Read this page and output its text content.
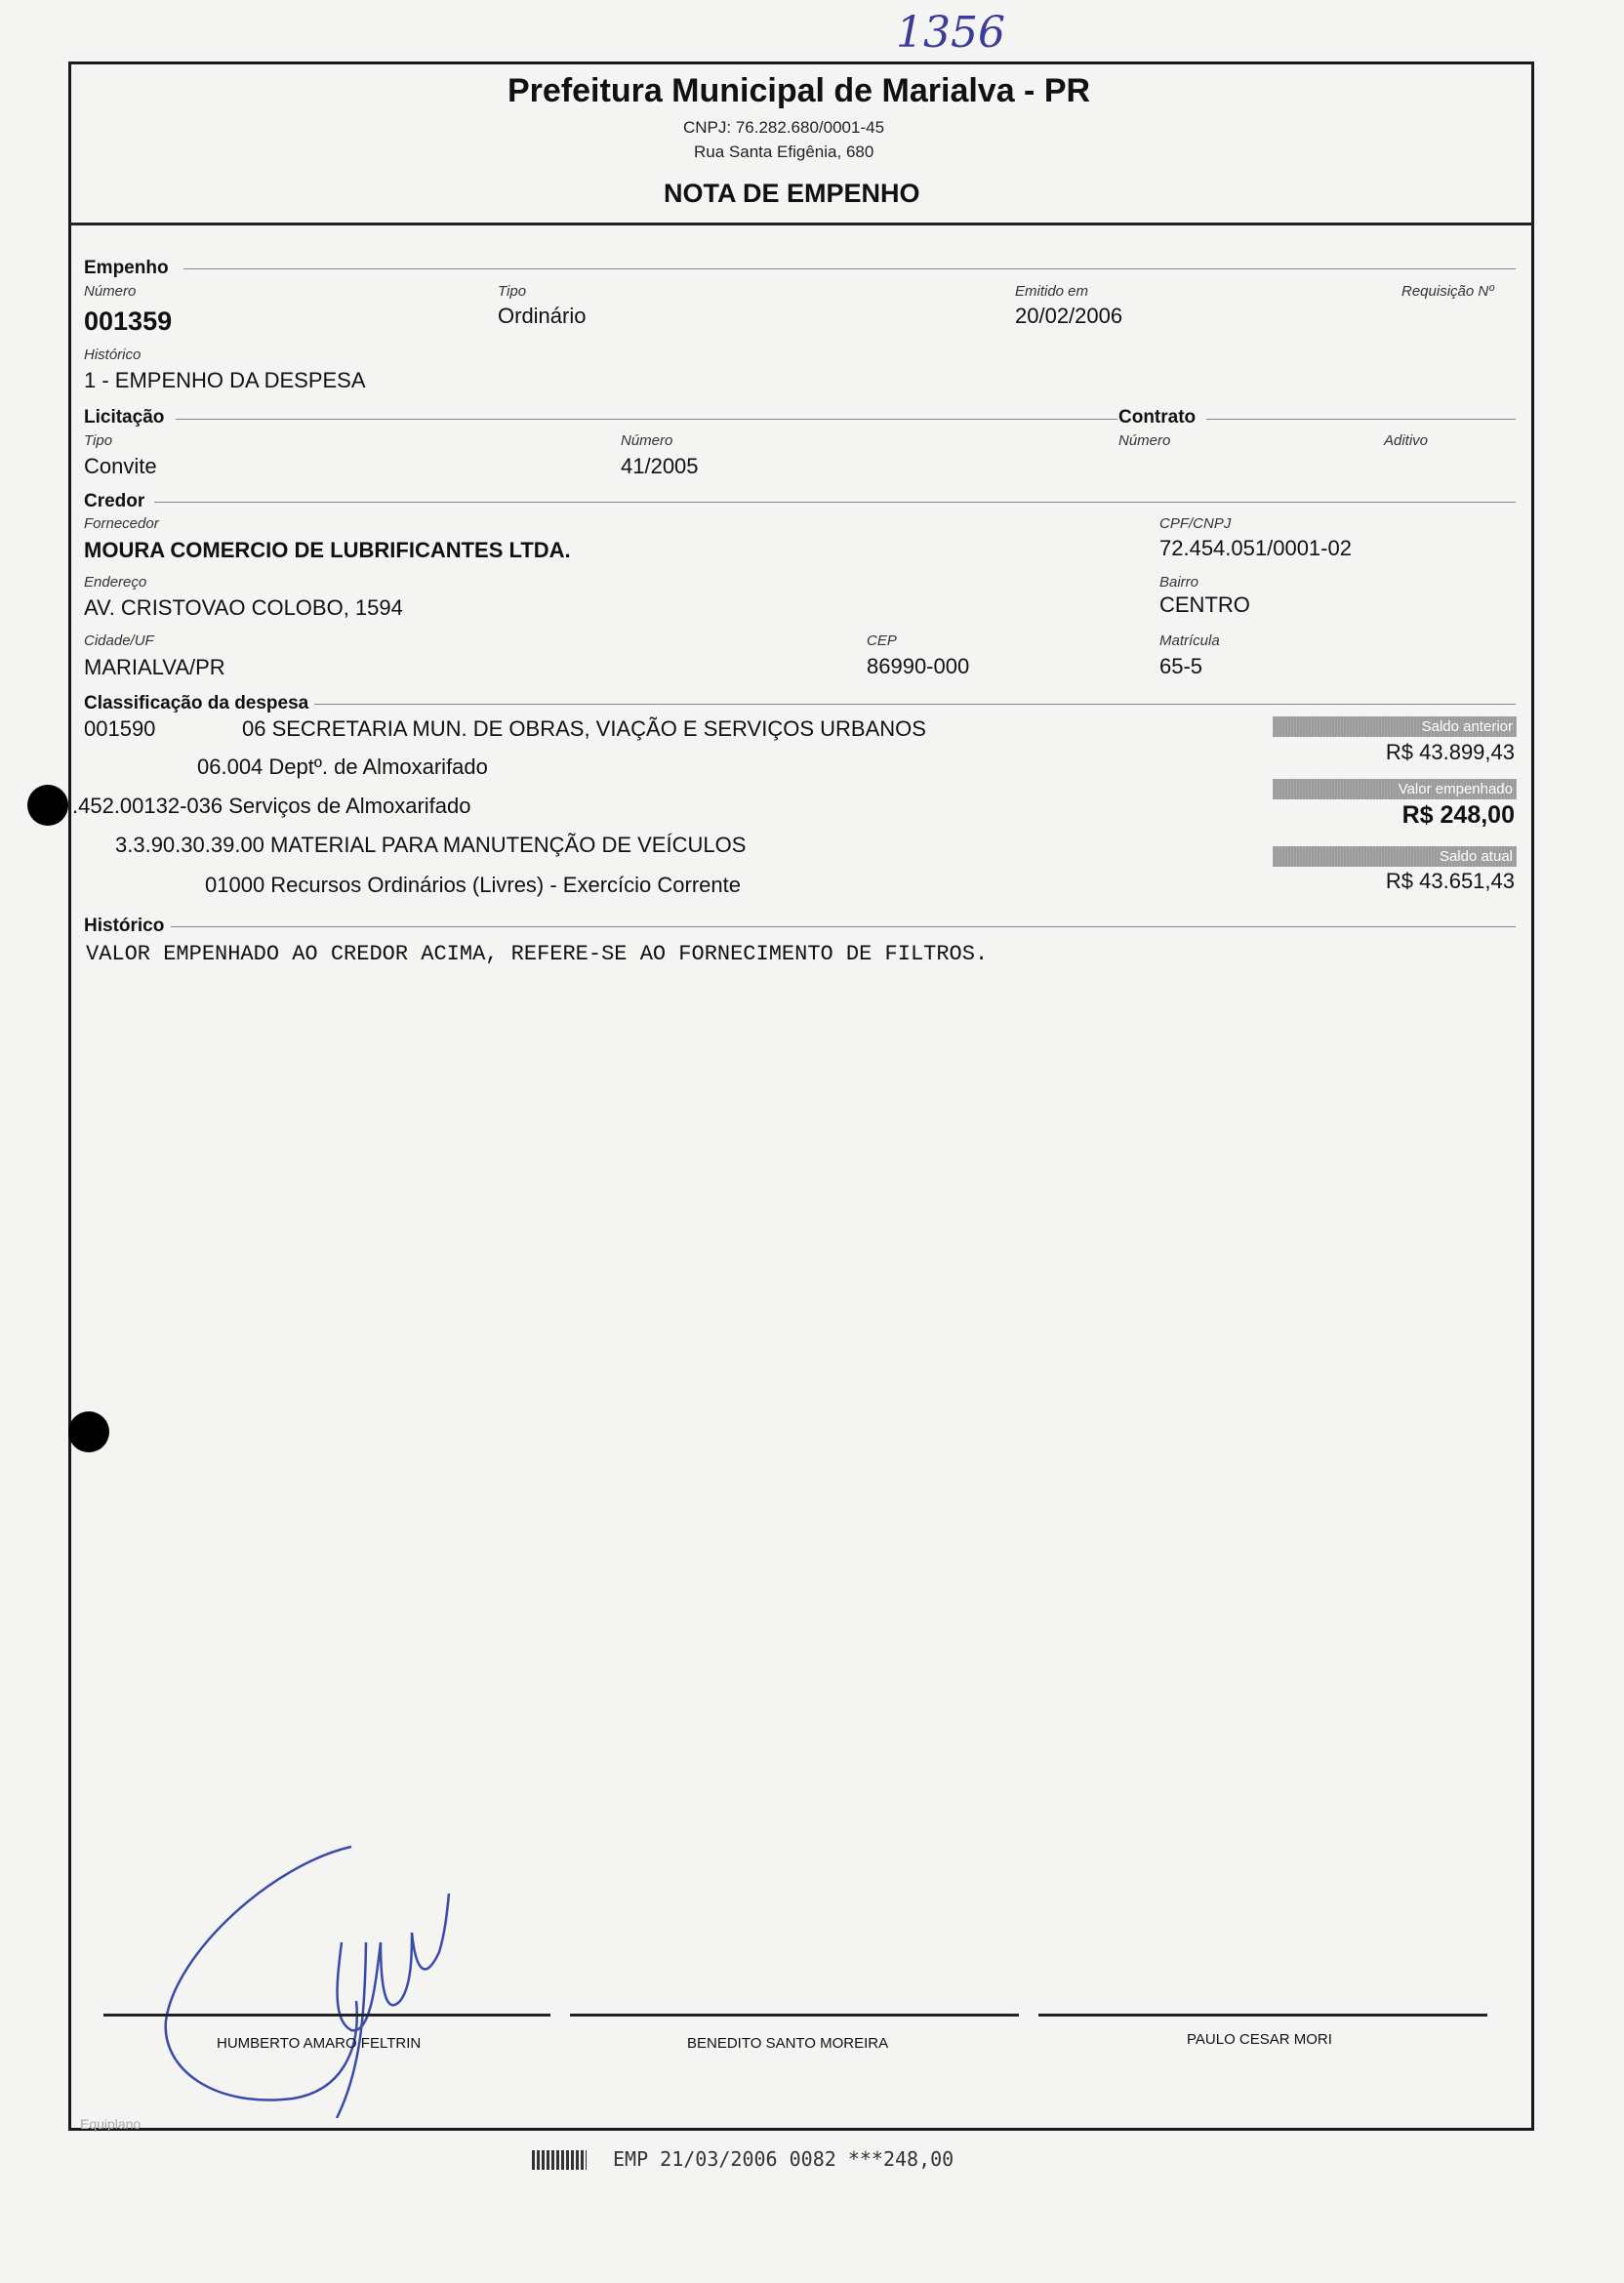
1356
Prefeitura Municipal de Marialva - PR
CNPJ: 76.282.680/0001-45
Rua Santa Efigênia, 680
NOTA DE EMPENHO
Empenho
Número
001359
Tipo
Ordinário
Emitido em
20/02/2006
Requisição Nº
Histórico
1 - EMPENHO DA DESPESA
Licitação	Contrato
Tipo
Convite
Número
41/2005
Número	Aditivo
Credor
Fornecedor
MOURA COMERCIO DE LUBRIFICANTES LTDA.
CPF/CNPJ
72.454.051/0001-02
Endereço
AV. CRISTOVAO COLOBO, 1594
Bairro
CENTRO
Cidade/UF
MARIALVA/PR
CEP
86990-000
Matrícula
65-5
Classificação da despesa
001590	06 SECRETARIA MUN. DE OBRAS, VIAÇÃO E SERVIÇOS URBANOS
06.004 Deptº. de Almoxarifado
.452.00132-036 Serviços de Almoxarifado
3.3.90.30.39.00 MATERIAL PARA MANUTENÇÃO DE VEÍCULOS
01000 Recursos Ordinários (Livres) - Exercício Corrente
Saldo anterior
R$ 43.899,43
Valor empenhado
R$ 248,00
Saldo atual
R$ 43.651,43
Histórico
VALOR EMPENHADO AO CREDOR ACIMA, REFERE-SE AO FORNECIMENTO DE FILTROS.
HUMBERTO AMARO FELTRIN	BENEDITO SANTO MOREIRA	PAULO CESAR MORI
Equiplano
EMP 21/03/2006 0082 ***248,00
